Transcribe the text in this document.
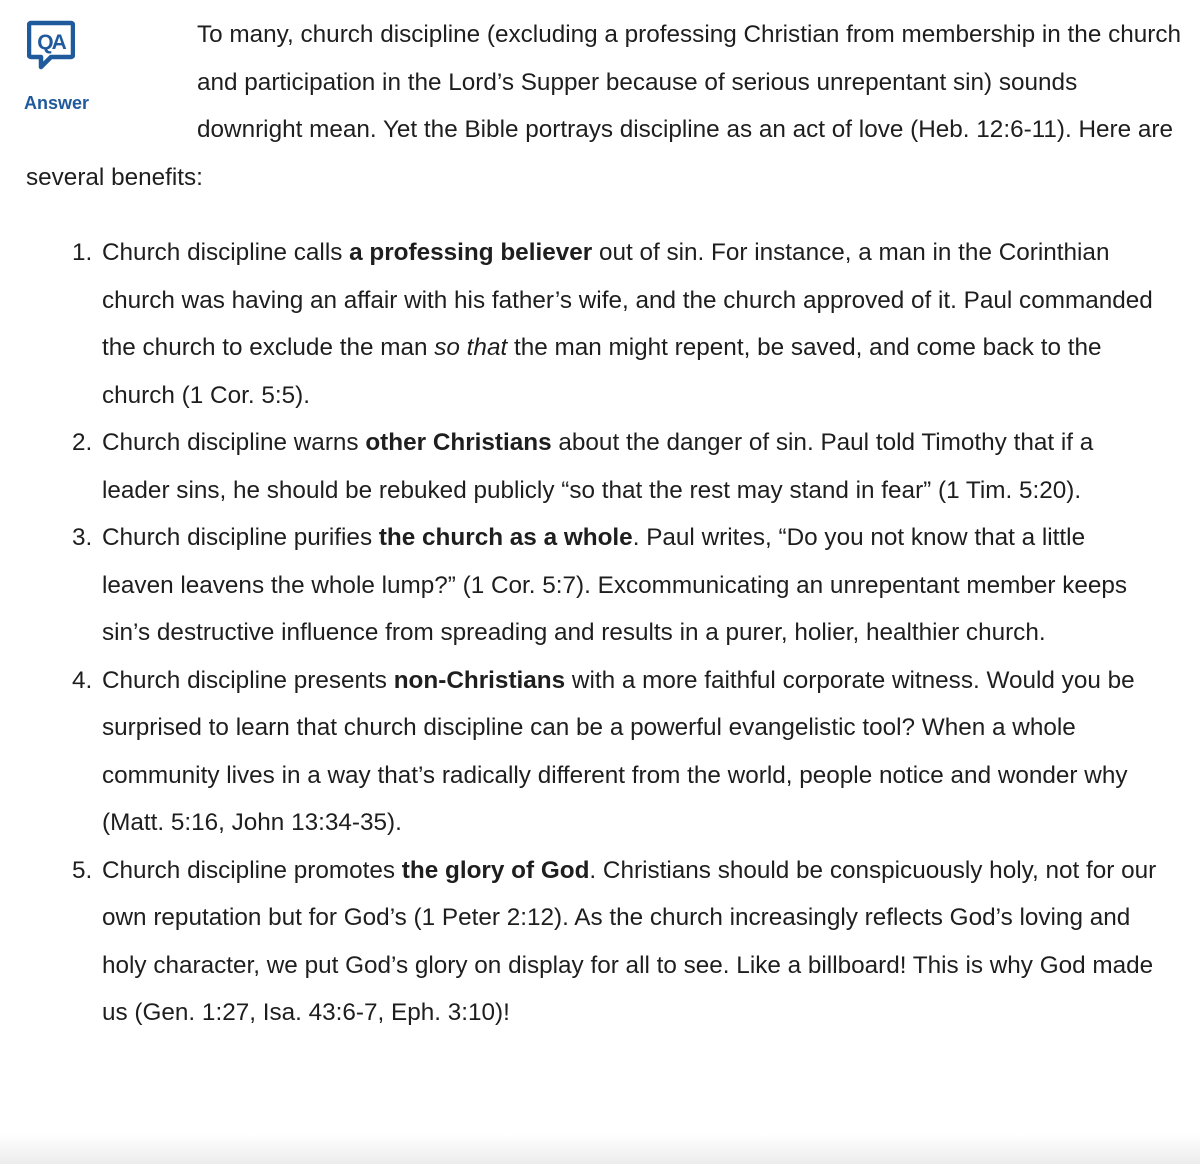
QA
Answer

To many, church discipline (excluding a professing Christian from membership in the church and participation in the Lord’s Supper because of serious unrepentant sin) sounds downright mean. Yet the Bible portrays discipline as an act of love (Heb. 12:6-11). Here are several benefits:

1. Church discipline calls a professing believer out of sin. For instance, a man in the Corinthian church was having an affair with his father’s wife, and the church approved of it. Paul commanded the church to exclude the man so that the man might repent, be saved, and come back to the church (1 Cor. 5:5).
2. Church discipline warns other Christians about the danger of sin. Paul told Timothy that if a leader sins, he should be rebuked publicly “so that the rest may stand in fear” (1 Tim. 5:20).
3. Church discipline purifies the church as a whole. Paul writes, “Do you not know that a little leaven leavens the whole lump?” (1 Cor. 5:7). Excommunicating an unrepentant member keeps sin’s destructive influence from spreading and results in a purer, holier, healthier church.
4. Church discipline presents non-Christians with a more faithful corporate witness. Would you be surprised to learn that church discipline can be a powerful evangelistic tool? When a whole community lives in a way that’s radically different from the world, people notice and wonder why (Matt. 5:16, John 13:34-35).
5. Church discipline promotes the glory of God. Christians should be conspicuously holy, not for our own reputation but for God’s (1 Peter 2:12). As the church increasingly reflects God’s loving and holy character, we put God’s glory on display for all to see. Like a billboard! This is why God made us (Gen. 1:27, Isa. 43:6-7, Eph. 3:10)!
